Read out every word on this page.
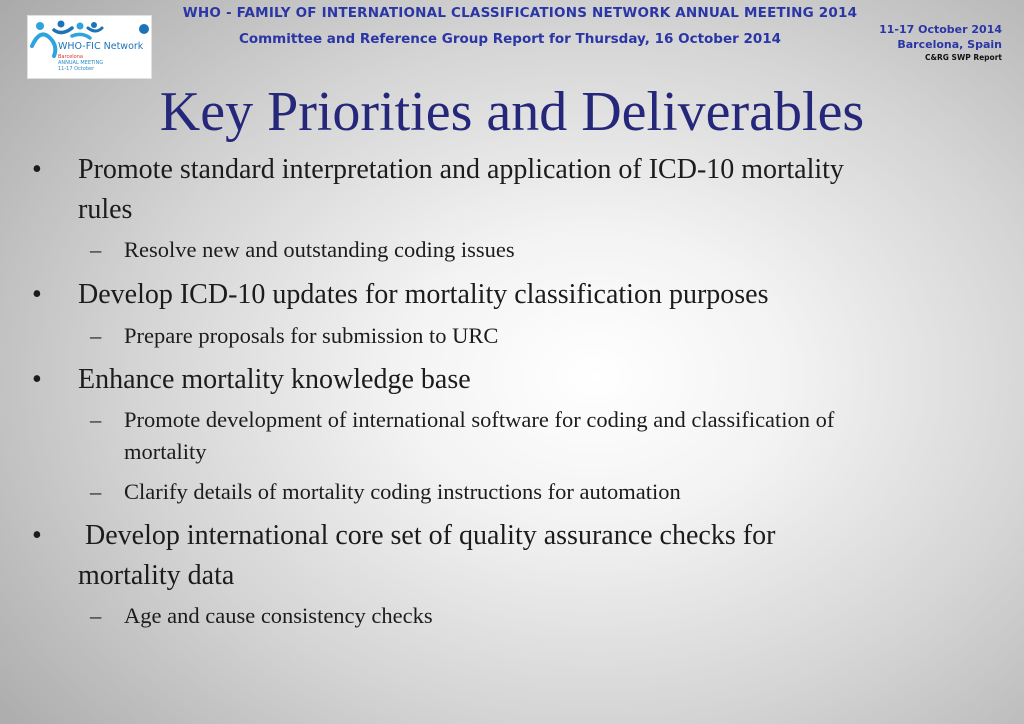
WHO - FAMILY OF INTERNATIONAL CLASSIFICATIONS NETWORK ANNUAL MEETING 2014
Committee and Reference Group Report for Thursday, 16 October 2014
11-17 October 2014
Barcelona, Spain
C&RG SWP Report
WHO-FIC Network
Barcelona
ANNUAL MEETING
11-17 October
Key Priorities and Deliverables
• Promote standard interpretation and application of ICD-10 mortality
rules
– Resolve new and outstanding coding issues
• Develop ICD-10 updates for mortality classification purposes
– Prepare proposals for submission to URC
• Enhance mortality knowledge base
– Promote development of international software for coding and classification of
mortality
– Clarify details of mortality coding instructions for automation
• Develop international core set of quality assurance checks for
mortality data
– Age and cause consistency checks
